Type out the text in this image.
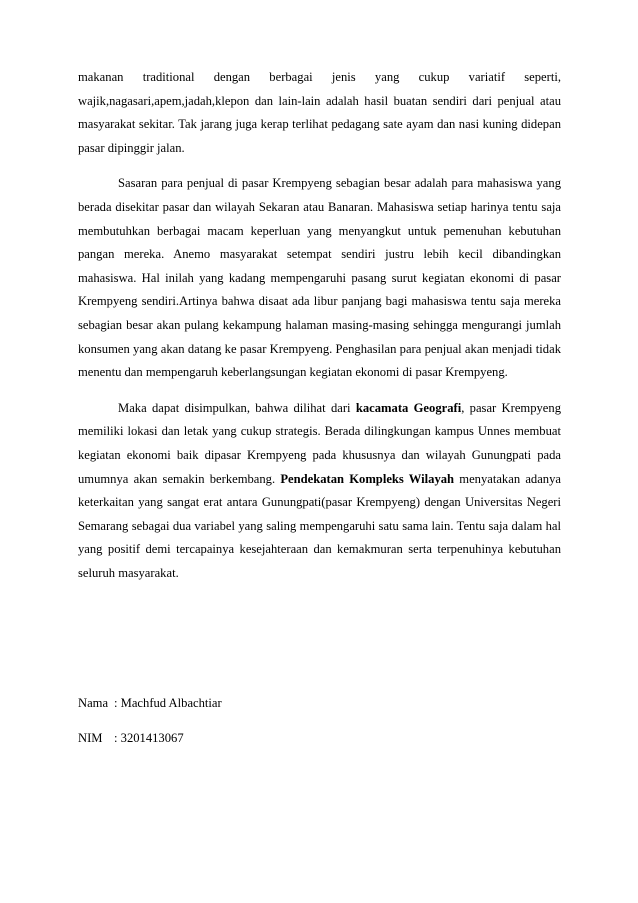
makanan traditional dengan berbagai jenis yang cukup variatif seperti, wajik,nagasari,apem,jadah,klepon dan lain-lain adalah hasil buatan sendiri dari penjual atau masyarakat sekitar. Tak jarang juga kerap terlihat pedagang sate ayam dan nasi kuning didepan pasar dipinggir jalan.

Sasaran para penjual di pasar Krempyeng sebagian besar adalah para mahasiswa yang berada disekitar pasar dan wilayah Sekaran atau Banaran. Mahasiswa setiap harinya tentu saja membutuhkan berbagai macam keperluan yang menyangkut untuk pemenuhan kebutuhan pangan mereka. Anemo masyarakat setempat sendiri justru lebih kecil dibandingkan mahasiswa. Hal inilah yang kadang mempengaruhi pasang surut kegiatan ekonomi di pasar Krempyeng sendiri.Artinya bahwa disaat ada libur panjang bagi mahasiswa tentu saja mereka sebagian besar akan pulang kekampung halaman masing-masing sehingga mengurangi jumlah konsumen yang akan datang ke pasar Krempyeng. Penghasilan para penjual akan menjadi tidak menentu dan mempengaruh keberlangsungan kegiatan ekonomi di pasar Krempyeng.

Maka dapat disimpulkan, bahwa dilihat dari kacamata Geografi, pasar Krempyeng memiliki lokasi dan letak yang cukup strategis. Berada dilingkungan kampus Unnes membuat kegiatan ekonomi baik dipasar Krempyeng pada khususnya dan wilayah Gunungpati pada umumnya akan semakin berkembang. Pendekatan Kompleks Wilayah menyatakan adanya keterkaitan yang sangat erat antara Gunungpati(pasar Krempyeng) dengan Universitas Negeri Semarang sebagai dua variabel yang saling mempengaruhi satu sama lain. Tentu saja dalam hal yang positif demi tercapainya kesejahteraan dan kemakmuran serta terpenuhinya kebutuhan seluruh masyarakat.

Nama : Machfud Albachtiar
NIM : 3201413067
